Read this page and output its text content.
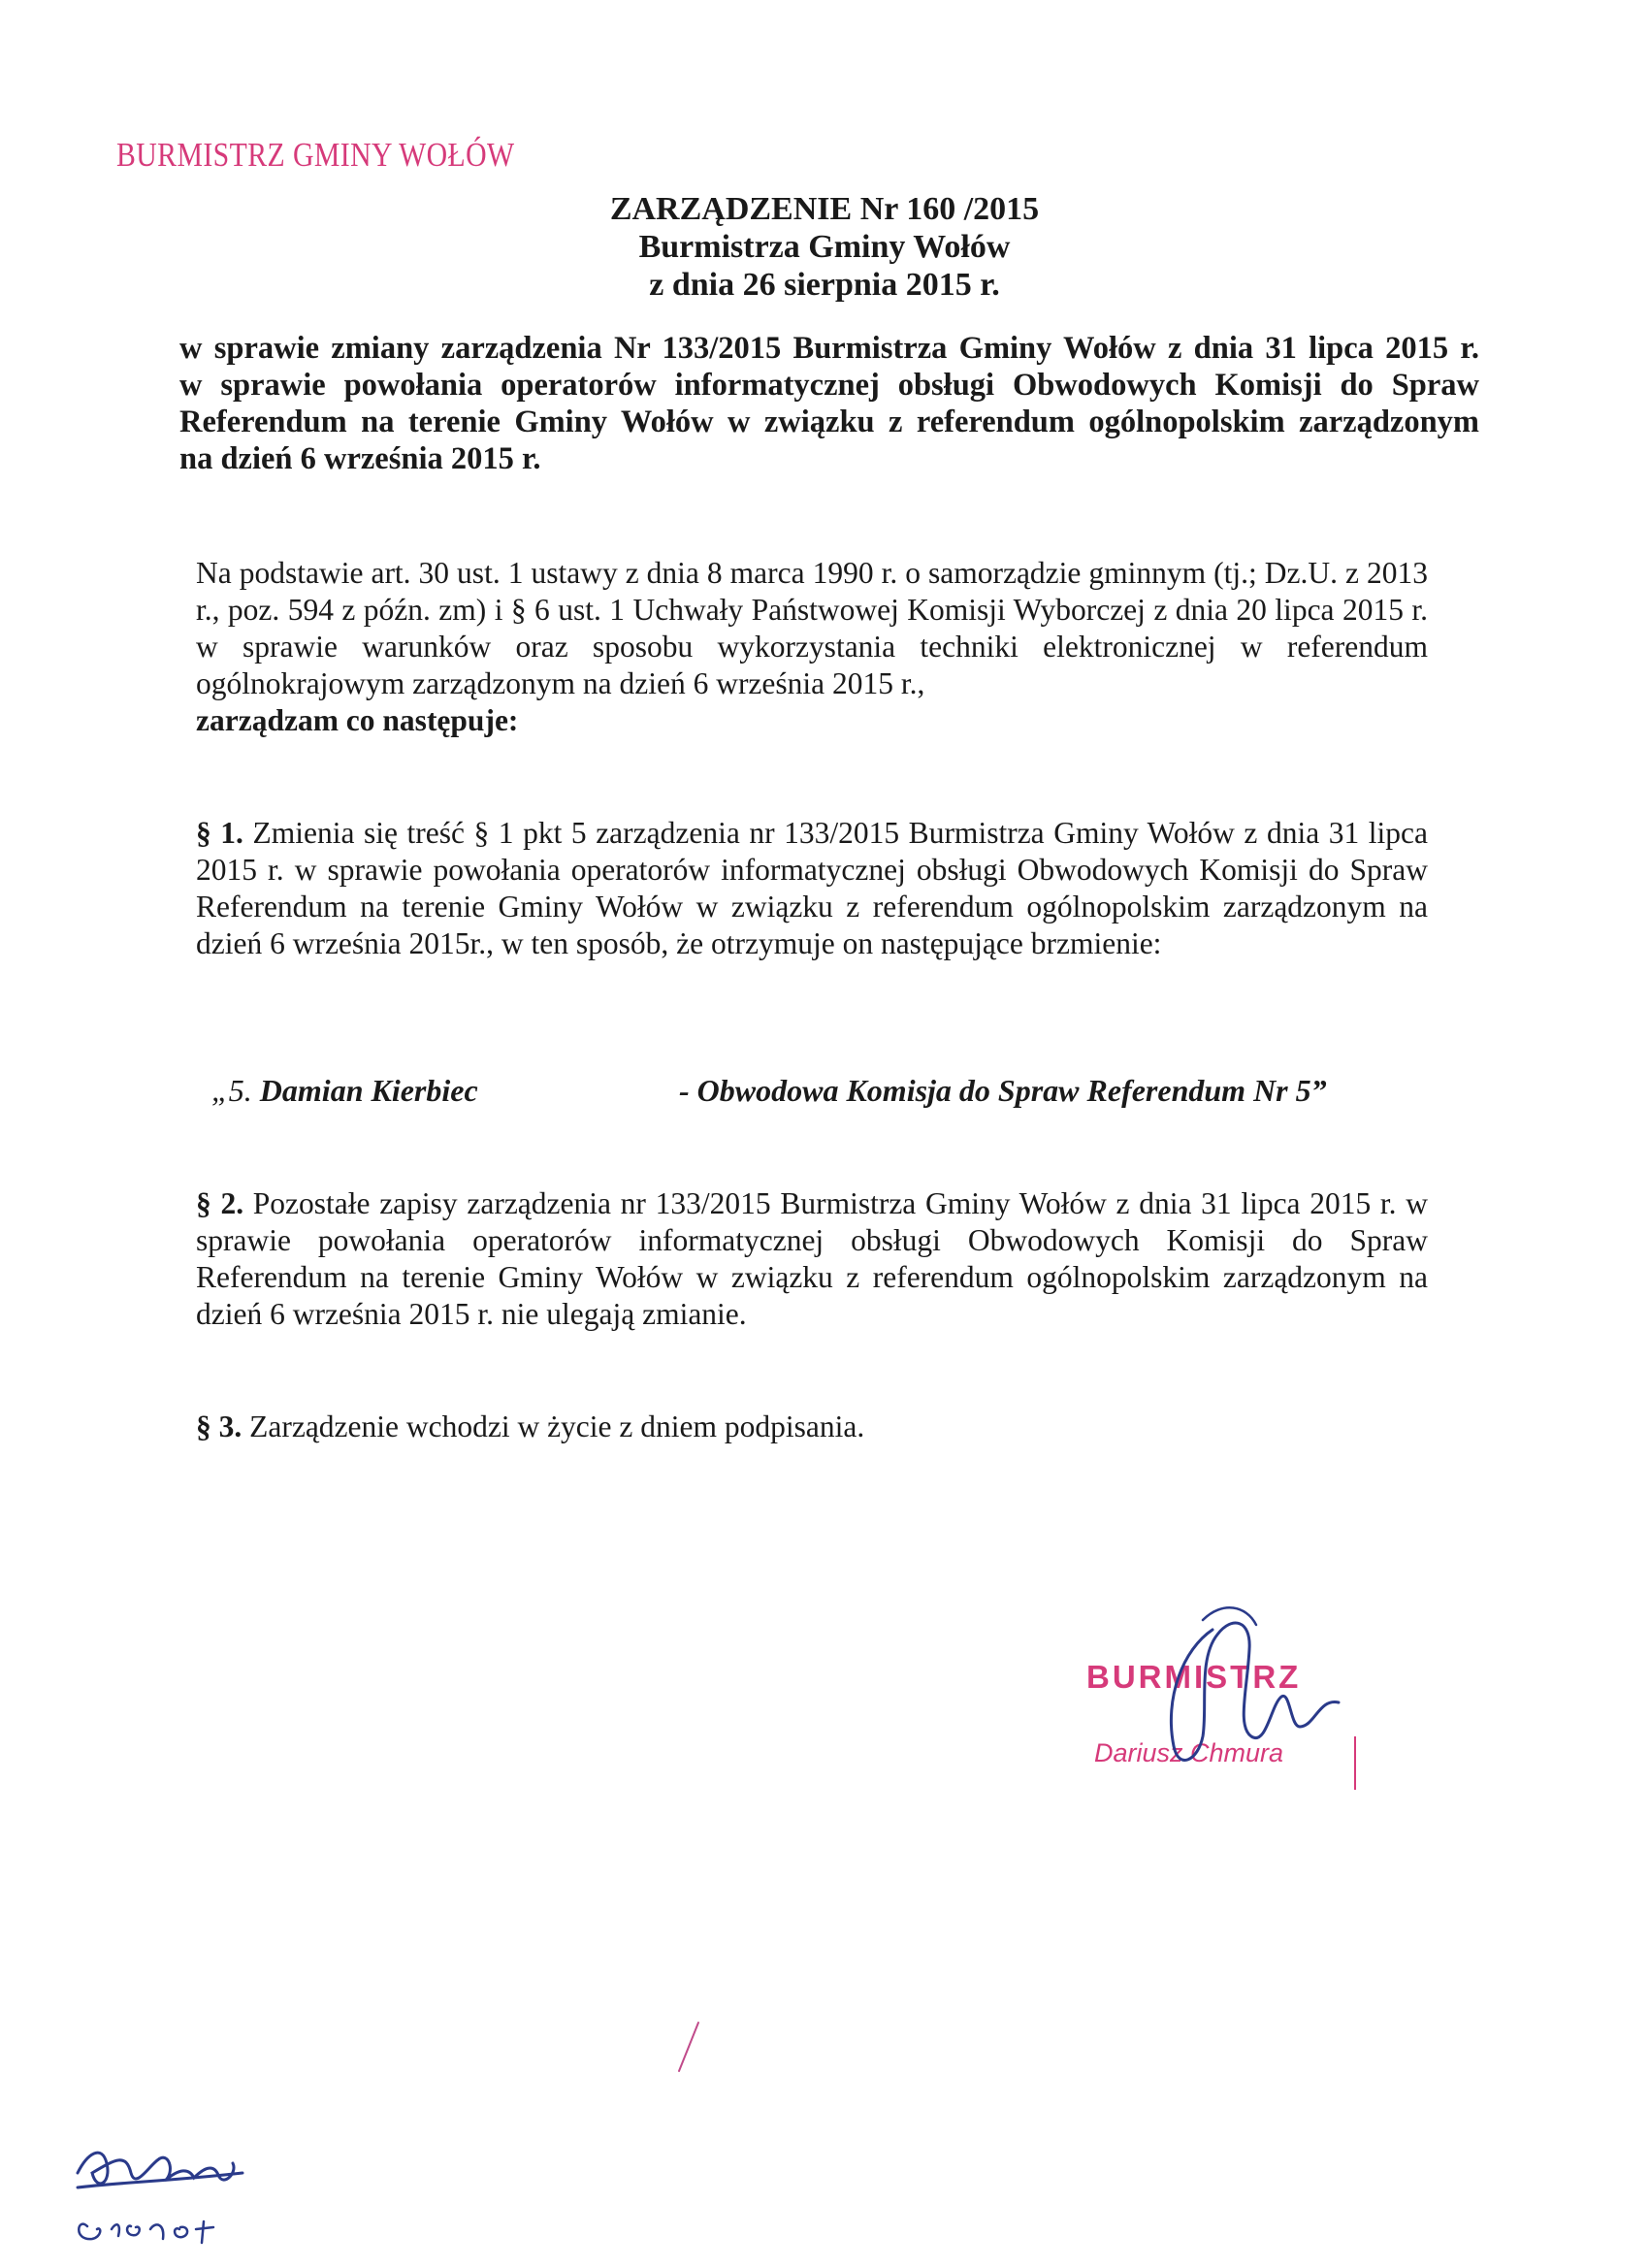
BURMISTRZ GMINY WOŁÓW
ZARZĄDZENIE Nr 160 /2015
Burmistrza Gminy Wołów
z dnia 26 sierpnia 2015 r.

w sprawie zmiany zarządzenia Nr 133/2015 Burmistrza Gminy Wołów z dnia 31 lipca 2015 r.

w sprawie powołania operatorów informatycznej obsługi Obwodowych Komisji do Spraw

Referendum na terenie Gminy Wołów w związku z referendum ogólnopolskim zarządzonym

na dzień 6 września 2015 r.

Na podstawie art. 30 ust. 1 ustawy z dnia 8 marca 1990 r. o samorządzie gminnym (tj.; Dz.U. z 2013 r., poz. 594 z późn. zm) i § 6 ust. 1 Uchwały Państwowej Komisji Wyborczej z dnia 20 lipca 2015 r. w sprawie warunków oraz sposobu wykorzystania techniki elektronicznej w referendum ogólnokrajowym zarządzonym na dzień 6 września 2015 r.,

zarządzam co następuje:

§ 1. Zmienia się treść § 1 pkt 5 zarządzenia nr 133/2015 Burmistrza Gminy Wołów z dnia 31 lipca 2015 r. w sprawie powołania operatorów informatycznej obsługi Obwodowych Komisji do Spraw Referendum na terenie Gminy Wołów w związku z referendum ogólnopolskim zarządzonym na dzień 6 września 2015r., w ten sposób, że otrzymuje on następujące brzmienie:

„5. Damian Kierbiec	- Obwodowa Komisja do Spraw Referendum Nr 5”

§ 2. Pozostałe zapisy zarządzenia nr 133/2015 Burmistrza Gminy Wołów z dnia 31 lipca 2015 r. w sprawie powołania operatorów informatycznej obsługi Obwodowych Komisji do Spraw Referendum na terenie Gminy Wołów w związku z referendum ogólnopolskim zarządzonym na dzień 6 września 2015 r. nie ulegają zmianie.

§ 3. Zarządzenie wchodzi w życie z dniem podpisania.

BURMISTRZ
Dariusz Chmura
